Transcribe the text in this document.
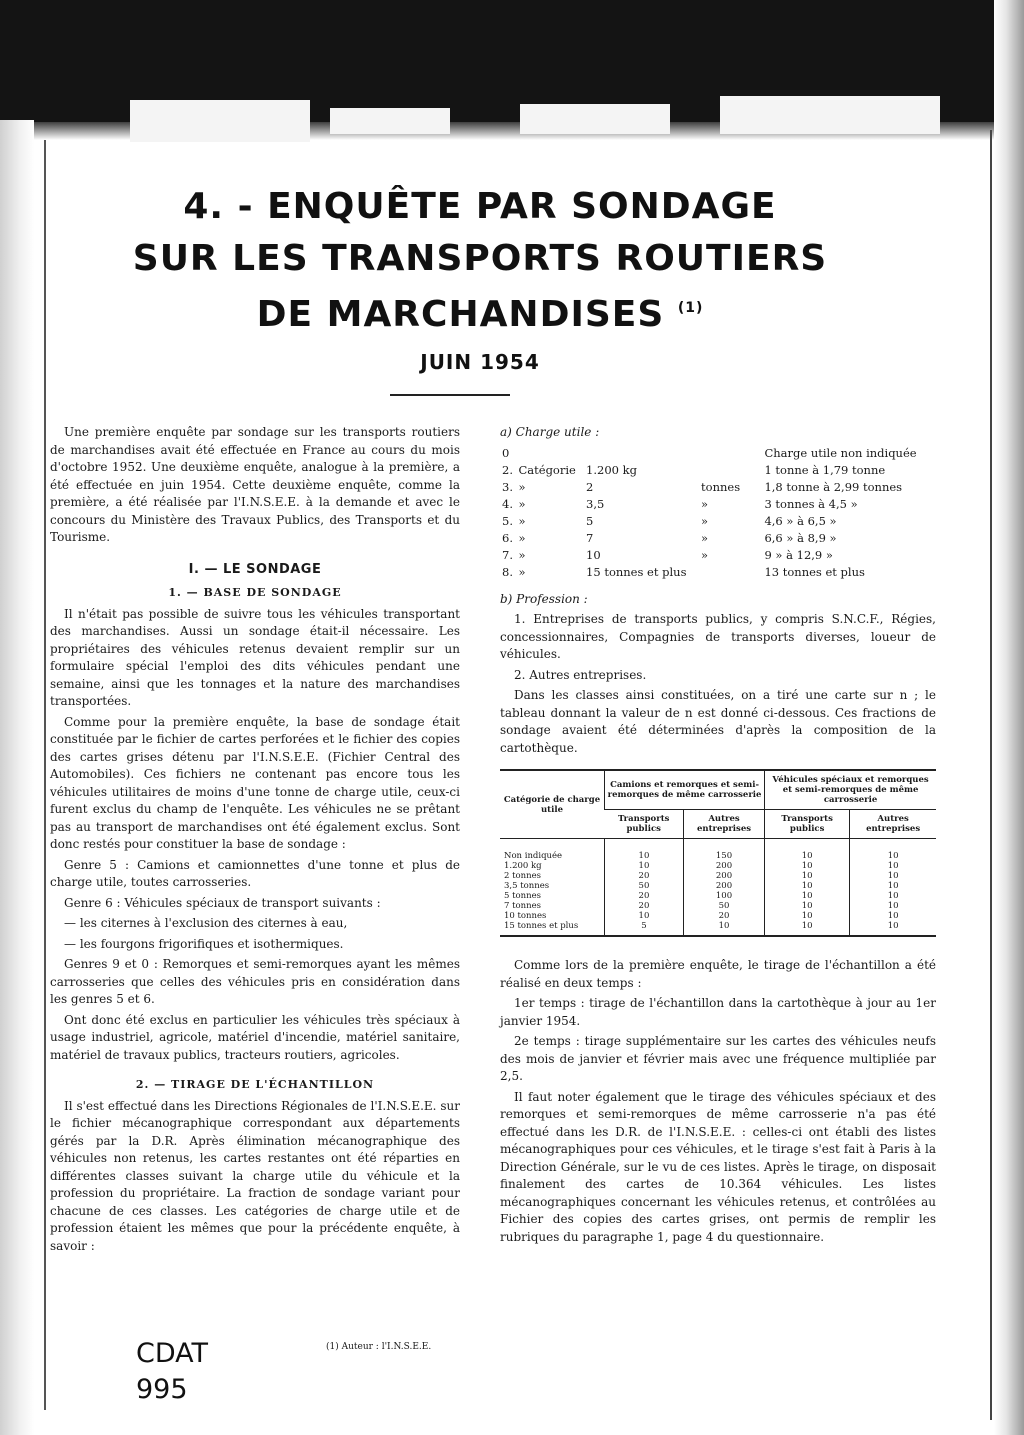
4. - ENQUÊTE PAR SONDAGE
SUR LES TRANSPORTS ROUTIERS
DE MARCHANDISES $^{(1)}$
JUIN 1954

Une première enquête par sondage sur les transports routiers de marchandises avait été effectuée en France au cours du mois d'octobre 1952. Une deuxième enquête, analogue à la première, a été effectuée en juin 1954. Cette deuxième enquête, comme la première, a été réalisée par l'I.N.S.E.E. à la demande et avec le concours du Ministère des Travaux Publics, des Transports et du Tourisme.

I. — LE SONDAGE
1. — BASE DE SONDAGE

Il n'était pas possible de suivre tous les véhicules transportant des marchandises. Aussi un sondage était-il nécessaire. Les propriétaires des véhicules retenus devaient remplir sur un formulaire spécial l'emploi des dits véhicules pendant une semaine, ainsi que les tonnages et la nature des marchandises transportées.

Comme pour la première enquête, la base de sondage était constituée par le fichier de cartes perforées et le fichier des copies des cartes grises détenu par l'I.N.S.E.E. (Fichier Central des Automobiles). Ces fichiers ne contenant pas encore tous les véhicules utilitaires de moins d'une tonne de charge utile, ceux-ci furent exclus du champ de l'enquête. Les véhicules ne se prêtant pas au transport de marchandises ont été également exclus. Sont donc restés pour constituer la base de sondage :

Genre 5 : Camions et camionnettes d'une tonne et plus de charge utile, toutes carrosseries.

Genre 6 : Véhicules spéciaux de transport suivants :

— les citernes à l'exclusion des citernes à eau,

— les fourgons frigorifiques et isothermiques.

Genres 9 et 0 : Remorques et semi-remorques ayant les mêmes carrosseries que celles des véhicules pris en considération dans les genres 5 et 6.

Ont donc été exclus en particulier les véhicules très spéciaux à usage industriel, agricole, matériel d'incendie, matériel sanitaire, matériel de travaux publics, tracteurs routiers, agricoles.

2. — TIRAGE DE L'ÉCHANTILLON

Il s'est effectué dans les Directions Régionales de l'I.N.S.E.E. sur le fichier mécanographique correspondant aux départements gérés par la D.R. Après élimination mécanographique des véhicules non retenus, les cartes restantes ont été réparties en différentes classes suivant la charge utile du véhicule et la profession du propriétaire. La fraction de sondage variant pour chacune de ces classes. Les catégories de charge utile et de profession étaient les mêmes que pour la précédente enquête, à savoir :

a) Charge utile :

0				Charge utile non indiquée
2.	Catégorie	1.200 kg		1 tonne à 1,79 tonne
3.	»	2	tonnes	1,8 tonne à 2,99 tonnes
4.	»	3,5	»	3 tonnes à 4,5 »
5.	»	5	»	4,6 » à 6,5 »
6.	»	7	»	6,6 » à 8,9 »
7.	»	10	»	9 » à 12,9 »
8.	»	15 tonnes et plus		13 tonnes et plus

b) Profession :

1. Entreprises de transports publics, y compris S.N.C.F., Régies, concessionnaires, Compagnies de transports diverses, loueur de véhicules.

2. Autres entreprises.

Dans les classes ainsi constituées, on a tiré une carte sur n ; le tableau donnant la valeur de n est donné ci-dessous. Ces fractions de sondage avaient été déterminées d'après la composition de la cartothèque.

Catégorie de charge utile	Camions et remorques et semi-remorques de même carrosserie		Véhicules spéciaux et remorques et semi-remorques de même carrosserie	
	Transports publics	Autres entreprises	Transports publics	Autres entreprises
Non indiquée	10	150	10	10
1.200 kg	10	200	10	10
2 tonnes	20	200	10	10
3,5 tonnes	50	200	10	10
5 tonnes	20	100	10	10
7 tonnes	20	50	10	10
10 tonnes	10	20	10	10
15 tonnes et plus	5	10	10	10

Comme lors de la première enquête, le tirage de l'échantillon a été réalisé en deux temps :

1er temps : tirage de l'échantillon dans la cartothèque à jour au 1er janvier 1954.

2e temps : tirage supplémentaire sur les cartes des véhicules neufs des mois de janvier et février mais avec une fréquence multipliée par 2,5.

Il faut noter également que le tirage des véhicules spéciaux et des remorques et semi-remorques de même carrosserie n'a pas été effectué dans les D.R. de l'I.N.S.E.E. : celles-ci ont établi des listes mécanographiques pour ces véhicules, et le tirage s'est fait à Paris à la Direction Générale, sur le vu de ces listes. Après le tirage, on disposait finalement des cartes de 10.364 véhicules. Les listes mécanographiques concernant les véhicules retenus, et contrôlées au Fichier des copies des cartes grises, ont permis de remplir les rubriques du paragraphe 1, page 4 du questionnaire.

(1) Auteur : l'I.N.S.E.E.
CDAT
995
